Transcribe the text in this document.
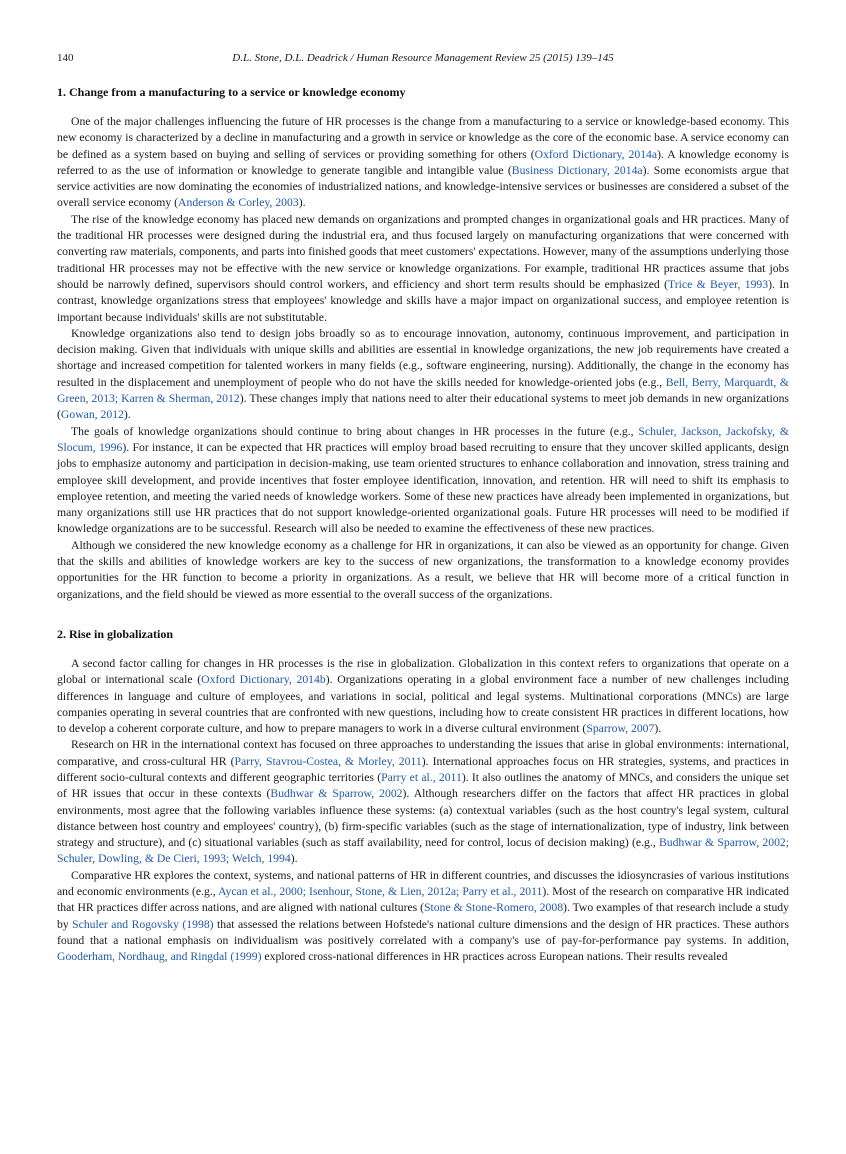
140	D.L. Stone, D.L. Deadrick / Human Resource Management Review 25 (2015) 139–145
1. Change from a manufacturing to a service or knowledge economy

One of the major challenges influencing the future of HR processes is the change from a manufacturing to a service or knowledge-based economy. This new economy is characterized by a decline in manufacturing and a growth in service or knowledge as the core of the economic base. A service economy can be defined as a system based on buying and selling of services or providing something for others (Oxford Dictionary, 2014a). A knowledge economy is referred to as the use of information or knowledge to generate tangible and intangible value (Business Dictionary, 2014a). Some economists argue that service activities are now dominating the economies of industrialized nations, and knowledge-intensive services or businesses are considered a subset of the overall service economy (Anderson & Corley, 2003).

The rise of the knowledge economy has placed new demands on organizations and prompted changes in organizational goals and HR practices. Many of the traditional HR processes were designed during the industrial era, and thus focused largely on manufacturing organizations that were concerned with converting raw materials, components, and parts into finished goods that meet customers' expectations. However, many of the assumptions underlying those traditional HR processes may not be effective with the new service or knowledge organizations. For example, traditional HR practices assume that jobs should be narrowly defined, supervisors should control workers, and efficiency and short term results should be emphasized (Trice & Beyer, 1993). In contrast, knowledge organizations stress that employees' knowledge and skills have a major impact on organizational success, and employee retention is important because individuals' skills are not substitutable.

Knowledge organizations also tend to design jobs broadly so as to encourage innovation, autonomy, continuous improvement, and participation in decision making. Given that individuals with unique skills and abilities are essential in knowledge organizations, the new job requirements have created a shortage and increased competition for talented workers in many fields (e.g., software engineering, nursing). Additionally, the change in the economy has resulted in the displacement and unemployment of people who do not have the skills needed for knowledge-oriented jobs (e.g., Bell, Berry, Marquardt, & Green, 2013; Karren & Sherman, 2012). These changes imply that nations need to alter their educational systems to meet job demands in new organizations (Gowan, 2012).

The goals of knowledge organizations should continue to bring about changes in HR processes in the future (e.g., Schuler, Jackson, Jackofsky, & Slocum, 1996). For instance, it can be expected that HR practices will employ broad based recruiting to ensure that they uncover skilled applicants, design jobs to emphasize autonomy and participation in decision-making, use team oriented structures to enhance collaboration and innovation, stress training and employee skill development, and provide incentives that foster employee identification, innovation, and retention. HR will need to shift its emphasis to employee retention, and meeting the varied needs of knowledge workers. Some of these new practices have already been implemented in organizations, but many organizations still use HR practices that do not support knowledge-oriented organizational goals. Future HR processes will need to be modified if knowledge organizations are to be successful. Research will also be needed to examine the effectiveness of these new practices.

Although we considered the new knowledge economy as a challenge for HR in organizations, it can also be viewed as an opportunity for change. Given that the skills and abilities of knowledge workers are key to the success of new organizations, the transformation to a knowledge economy provides opportunities for the HR function to become a priority in organizations. As a result, we believe that HR will become more of a critical function in organizations, and the field should be viewed as more essential to the overall success of the organizations.

2. Rise in globalization

A second factor calling for changes in HR processes is the rise in globalization. Globalization in this context refers to organizations that operate on a global or international scale (Oxford Dictionary, 2014b). Organizations operating in a global environment face a number of new challenges including differences in language and culture of employees, and variations in social, political and legal systems. Multinational corporations (MNCs) are large companies operating in several countries that are confronted with new questions, including how to create consistent HR practices in different locations, how to develop a coherent corporate culture, and how to prepare managers to work in a diverse cultural environment (Sparrow, 2007).

Research on HR in the international context has focused on three approaches to understanding the issues that arise in global environments: international, comparative, and cross-cultural HR (Parry, Stavrou-Costea, & Morley, 2011). International approaches focus on HR strategies, systems, and practices in different socio-cultural contexts and different geographic territories (Parry et al., 2011). It also outlines the anatomy of MNCs, and considers the unique set of HR issues that occur in these contexts (Budhwar & Sparrow, 2002). Although researchers differ on the factors that affect HR practices in global environments, most agree that the following variables influence these systems: (a) contextual variables (such as the host country's legal system, cultural distance between host country and employees' country), (b) firm-specific variables (such as the stage of internationalization, type of industry, link between strategy and structure), and (c) situational variables (such as staff availability, need for control, locus of decision making) (e.g., Budhwar & Sparrow, 2002; Schuler, Dowling, & De Cieri, 1993; Welch, 1994).

Comparative HR explores the context, systems, and national patterns of HR in different countries, and discusses the idiosyncrasies of various institutions and economic environments (e.g., Aycan et al., 2000; Isenhour, Stone, & Lien, 2012a; Parry et al., 2011). Most of the research on comparative HR indicated that HR practices differ across nations, and are aligned with national cultures (Stone & Stone-Romero, 2008). Two examples of that research include a study by Schuler and Rogovsky (1998) that assessed the relations between Hofstede's national culture dimensions and the design of HR practices. These authors found that a national emphasis on individualism was positively correlated with a company's use of pay-for-performance pay systems. In addition, Gooderham, Nordhaug, and Ringdal (1999) explored cross-national differences in HR practices across European nations. Their results revealed
